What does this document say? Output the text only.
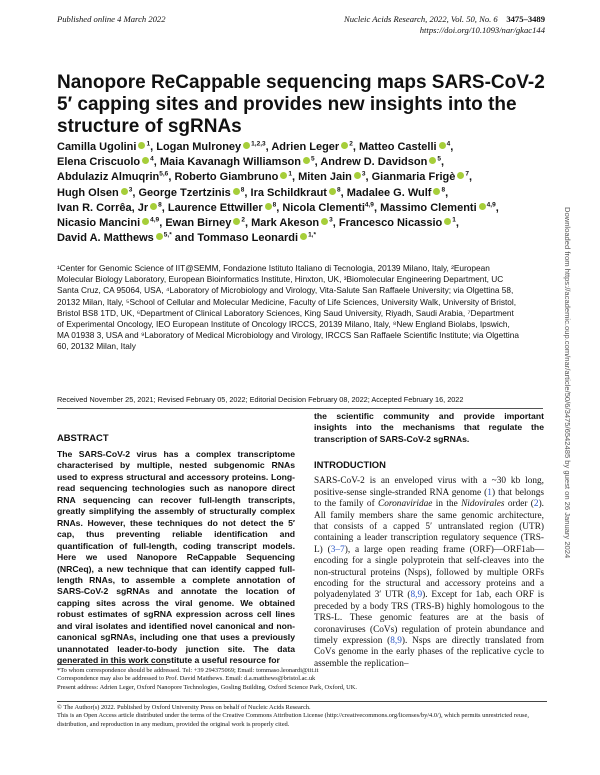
Published online 4 March 2022	Nucleic Acids Research, 2022, Vol. 50, No. 6 3475–3489
https://doi.org/10.1093/nar/gkac144
Nanopore ReCappable sequencing maps SARS-CoV-2 5′ capping sites and provides new insights into the structure of sgRNAs

Camilla Ugolini $^1$, Logan Mulroney $^{1,2,3}$, Adrien Leger $^2$, Matteo Castelli $^4$, Elena Criscuolo $^4$, Maia Kavanagh Williamson $^5$, Andrew D. Davidson $^5$, Abdulaziz Almuqrin$^{5,6}$, Roberto Giambruno $^1$, Miten Jain $^3$, Gianmaria Frigè $^7$, Hugh Olsen $^3$, George Tzertzinis $^8$, Ira Schildkraut $^8$, Madalee G. Wulf $^8$, Ivan R. Corrêa, Jr $^8$, Laurence Ettwiller $^8$, Nicola Clementi$^{4,9}$, Massimo Clementi $^{4,9}$, Nicasio Mancini $^{4,9}$, Ewan Birney $^2$, Mark Akeson $^3$, Francesco Nicassio $^1$, David A. Matthews $^{5,*}$ and Tommaso Leonardi $^{1,*}$

¹Center for Genomic Science of IIT@SEMM, Fondazione Istituto Italiano di Tecnologia, 20139 Milano, Italy, ²European Molecular Biology Laboratory, European Bioinformatics Institute, Hinxton, UK, ³Biomolecular Engineering Department, UC Santa Cruz, CA 95064, USA, ⁴Laboratory of Microbiology and Virology, Vita-Salute San Raffaele University; via Olgettina 58, 20132 Milan, Italy, ⁵School of Cellular and Molecular Medicine, Faculty of Life Sciences, University Walk, University of Bristol, Bristol BS8 1TD, UK, ⁶Department of Clinical Laboratory Sciences, King Saud University, Riyadh, Saudi Arabia, ⁷Department of Experimental Oncology, IEO European Institute of Oncology IRCCS, 20139 Milano, Italy, ⁸New England Biolabs, Ipswich, MA 01938 3, USA and ⁹Laboratory of Medical Microbiology and Virology, IRCCS San Raffaele Scientific Institute; via Olgettina 60, 20132 Milan, Italy

Received November 25, 2021; Revised February 05, 2022; Editorial Decision February 08, 2022; Accepted February 16, 2022

ABSTRACT

The SARS-CoV-2 virus has a complex transcriptome characterised by multiple, nested subgenomic RNAs used to express structural and accessory proteins. Long-read sequencing technologies such as nanopore direct RNA sequencing can recover full-length transcripts, greatly simplifying the assembly of structurally complex RNAs. However, these techniques do not detect the 5′ cap, thus preventing reliable identification and quantification of full-length, coding transcript models. Here we used Nanopore ReCappable Sequencing (NRCeq), a new technique that can identify capped full-length RNAs, to assemble a complete annotation of SARS-CoV-2 sgRNAs and annotate the location of capping sites across the viral genome. We obtained robust estimates of sgRNA expression across cell lines and viral isolates and identified novel canonical and non-canonical sgRNAs, including one that uses a previously unannotated leader-to-body junction site. The data generated in this work constitute a useful resource for

the scientific community and provide important insights into the mechanisms that regulate the transcription of SARS-CoV-2 sgRNAs.

INTRODUCTION

SARS-CoV-2 is an enveloped virus with a ~30 kb long, positive-sense single-stranded RNA genome (1) that belongs to the family of Coronaviridae in the Nidovirales order (2). All family members share the same genomic architecture, that consists of a capped 5′ untranslated region (UTR) containing a leader transcription regulatory sequence (TRS-L) (3–7), a large open reading frame (ORF)—ORF1ab—encoding for a single polyprotein that self-cleaves into the non-structural proteins (Nsps), followed by multiple ORFs encoding for the structural and accessory proteins and a polyadenylated 3′ UTR (8,9). Except for 1ab, each ORF is preceded by a body TRS (TRS-B) highly homologous to the TRS-L. These genomic features are at the basis of coronaviruses (CoVs) regulation of protein abundance and timely expression (8,9). Nsps are directly translated from CoVs genome in the early phases of the replicative cycle to assemble the replication–

*To whom correspondence should be addressed. Tel: +39 294375069; Email: tommaso.leonardi@iit.it

Correspondence may also be addressed to Prof. David Matthews. Email: d.a.matthews@bristol.ac.uk

Present address: Adrien Leger, Oxford Nanopore Technologies, Gosling Building, Oxford Science Park, Oxford, UK.

© The Author(s) 2022. Published by Oxford University Press on behalf of Nucleic Acids Research.

This is an Open Access article distributed under the terms of the Creative Commons Attribution License (http://creativecommons.org/licenses/by/4.0/), which permits unrestricted reuse, distribution, and reproduction in any medium, provided the original work is properly cited.

Downloaded from https://academic.oup.com/nar/article/50/6/3475/6542485 by guest on 26 January 2024
